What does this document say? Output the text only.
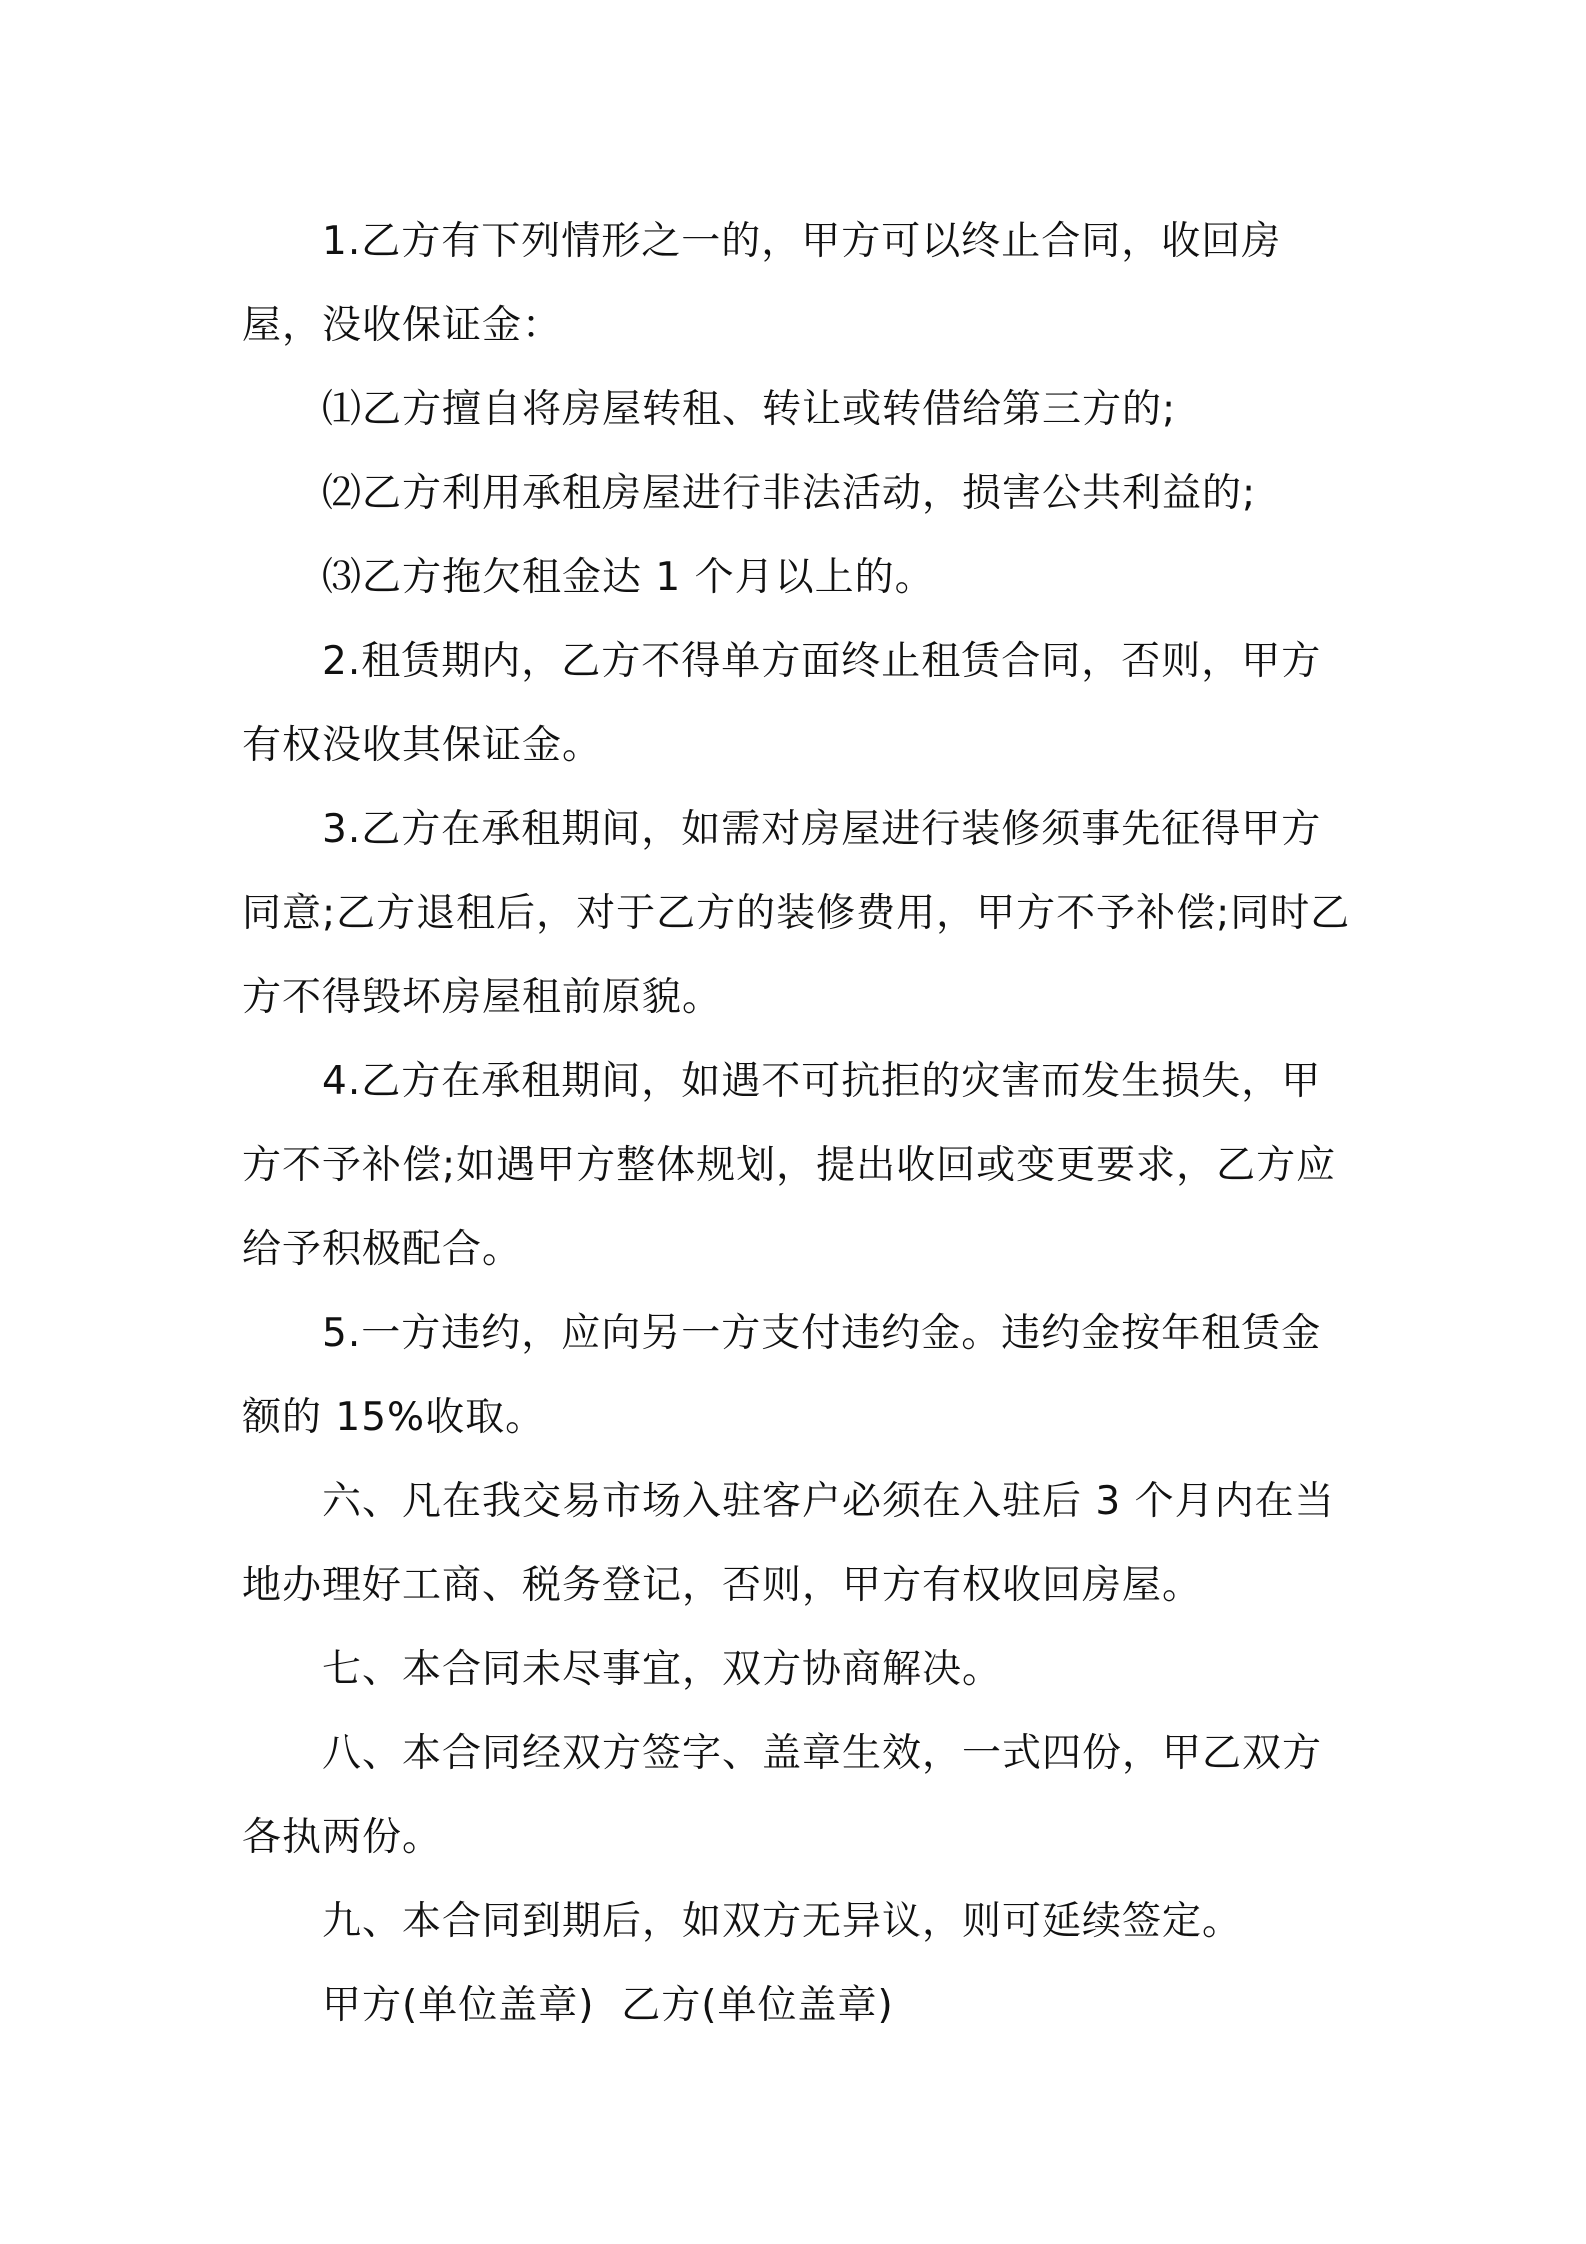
1.乙方有下列情形之一的，甲方可以终止合同，收回房屋，没收保证金：

⑴乙方擅自将房屋转租、转让或转借给第三方的;

⑵乙方利用承租房屋进行非法活动，损害公共利益的;

⑶乙方拖欠租金达 1 个月以上的。

2.租赁期内，乙方不得单方面终止租赁合同，否则，甲方有权没收其保证金。

3.乙方在承租期间，如需对房屋进行装修须事先征得甲方同意;乙方退租后，对于乙方的装修费用，甲方不予补偿;同时乙方不得毁坏房屋租前原貌。

4.乙方在承租期间，如遇不可抗拒的灾害而发生损失，甲方不予补偿;如遇甲方整体规划，提出收回或变更要求，乙方应给予积极配合。

5.一方违约，应向另一方支付违约金。违约金按年租赁金额的 15%收取。

六、凡在我交易市场入驻客户必须在入驻后 3 个月内在当地办理好工商、税务登记，否则，甲方有权收回房屋。

七、本合同未尽事宜，双方协商解决。

八、本合同经双方签字、盖章生效，一式四份，甲乙双方各执两份。

九、本合同到期后，如双方无异议，则可延续签定。

甲方(单位盖章)  乙方(单位盖章)
